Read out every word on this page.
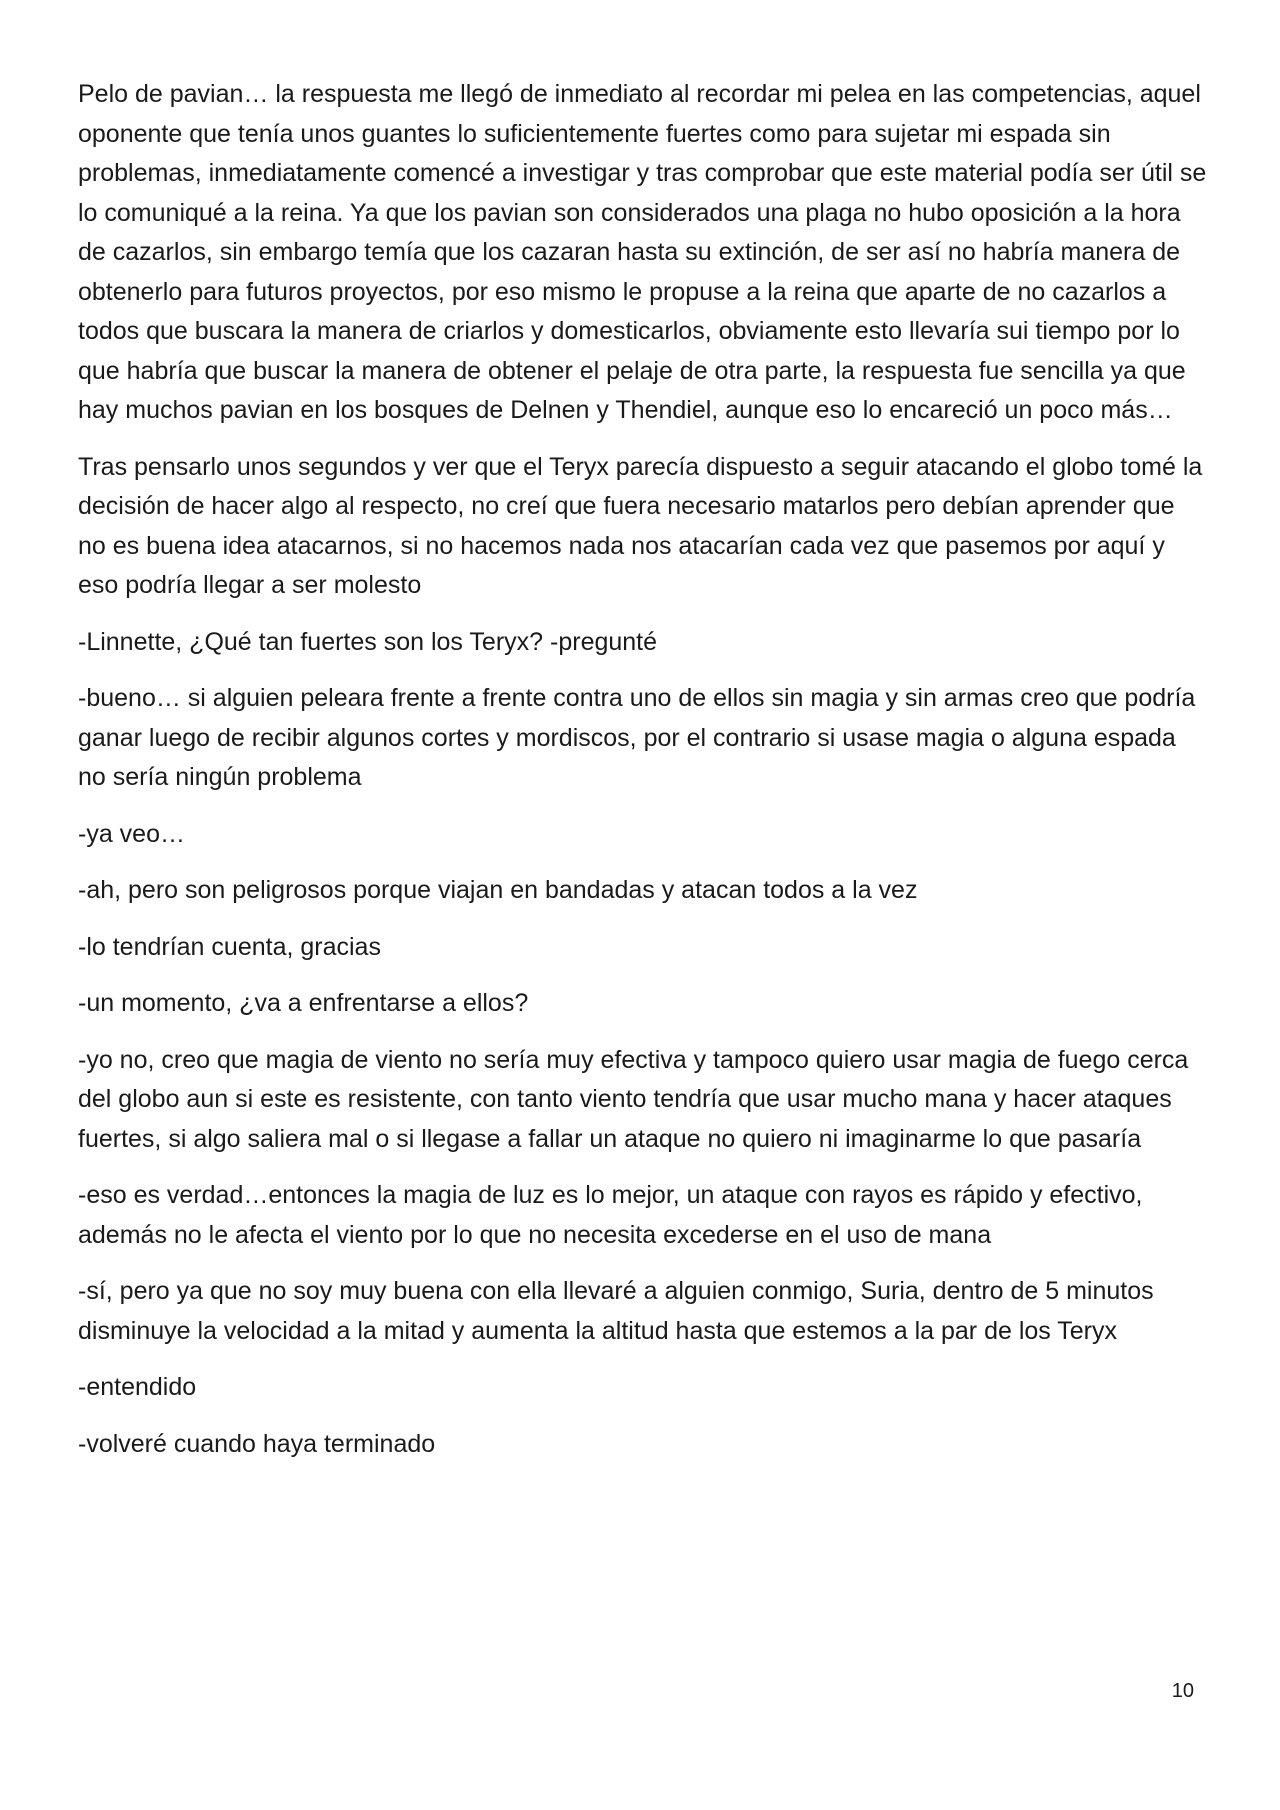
Pelo de pavian… la respuesta me llegó de inmediato al recordar mi pelea en las competencias, aquel oponente que tenía unos guantes lo suficientemente fuertes como para sujetar mi espada sin problemas, inmediatamente comencé a investigar y tras comprobar que este material podía ser útil se lo comuniqué a la reina. Ya que los pavian son considerados una plaga no hubo oposición a la hora de cazarlos, sin embargo temía que los cazaran hasta su extinción, de ser así no habría manera de obtenerlo para futuros proyectos, por eso mismo le propuse a la reina que aparte de no cazarlos a todos que buscara la manera de criarlos y domesticarlos, obviamente esto llevaría sui tiempo por lo que habría que buscar la manera de obtener el pelaje de otra parte, la respuesta fue sencilla ya que hay muchos pavian en los bosques de Delnen y Thendiel, aunque eso lo encareció un poco más…

Tras pensarlo unos segundos y ver que el Teryx parecía dispuesto a seguir atacando el globo tomé la decisión de hacer algo al respecto, no creí que fuera necesario matarlos pero debían aprender que no es buena idea atacarnos, si no hacemos nada nos atacarían cada vez que pasemos por aquí y eso podría llegar a ser molesto

-Linnette, ¿Qué tan fuertes son los Teryx? -pregunté

-bueno… si alguien peleara frente a frente contra uno de ellos sin magia y sin armas creo que podría ganar luego de recibir algunos cortes y mordiscos, por el contrario si usase magia o alguna espada no sería ningún problema

-ya veo…

-ah, pero son peligrosos porque viajan en bandadas y atacan todos a la vez

-lo tendrían cuenta, gracias

-un momento, ¿va a enfrentarse a ellos?

-yo no, creo que magia de viento no sería muy efectiva y tampoco quiero usar magia de fuego cerca del globo aun si este es resistente, con tanto viento tendría que usar mucho mana y hacer ataques fuertes, si algo saliera mal o si llegase a fallar un ataque no quiero ni imaginarme lo que pasaría

-eso es verdad…entonces la magia de luz es lo mejor, un ataque con rayos es rápido y efectivo, además no le afecta el viento por lo que no necesita excederse en el uso de mana

-sí, pero ya que no soy muy buena con ella llevaré a alguien conmigo, Suria, dentro de 5 minutos disminuye la velocidad a la mitad y aumenta la altitud hasta que estemos a la par de los Teryx

-entendido

-volveré cuando haya terminado

10
